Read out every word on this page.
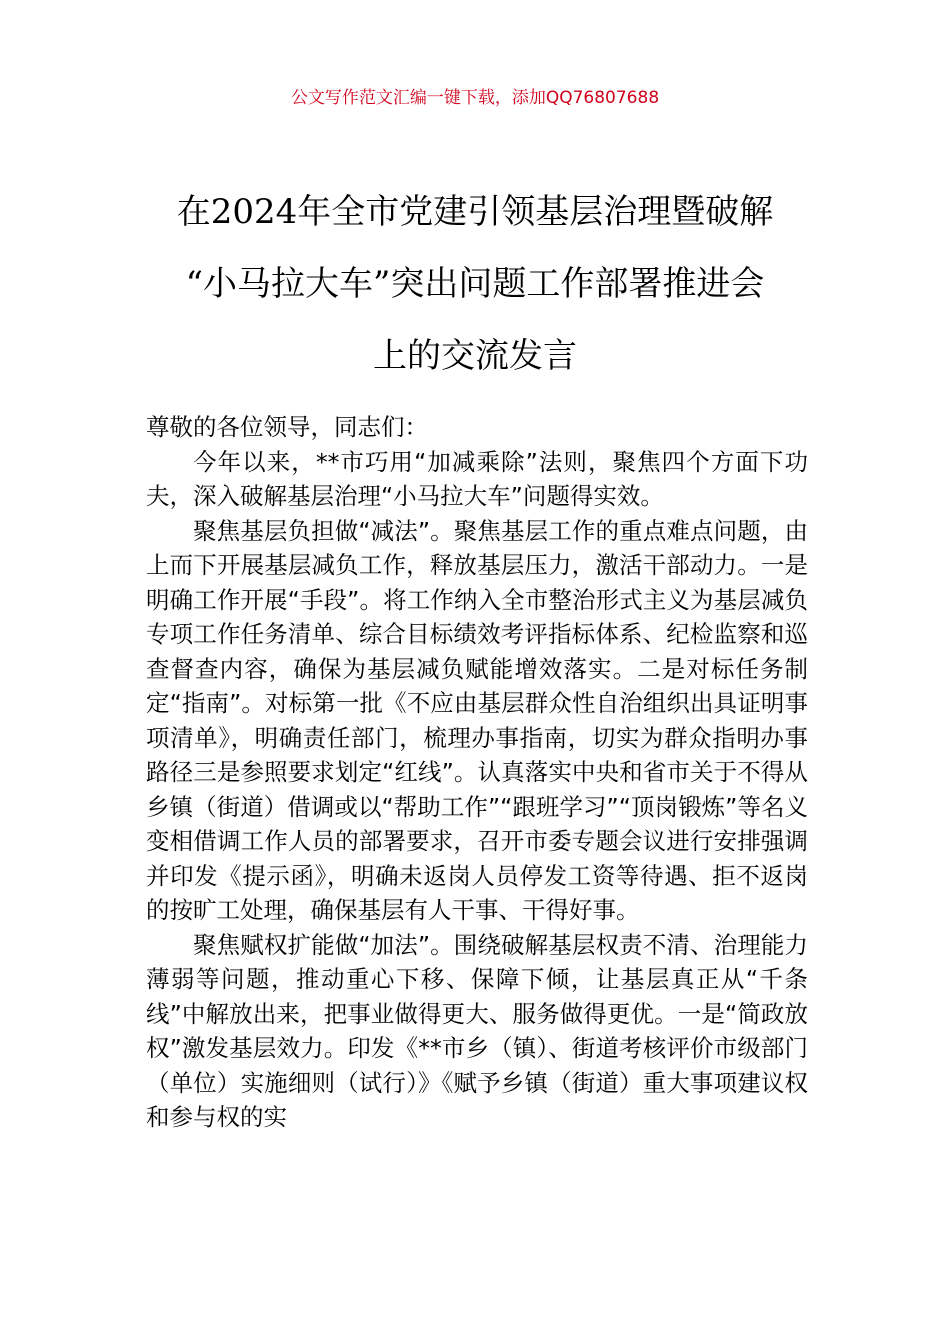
公文写作范文汇编一键下载，添加QQ76807688
在2024年全市党建引领基层治理暨破解
“小马拉大车”突出问题工作部署推进会
上的交流发言

尊敬的各位领导，同志们：

今年以来，**市巧用“加减乘除”法则，聚焦四个方面下功夫，深入破解基层治理“小马拉大车”问题得实效。

聚焦基层负担做“减法”。聚焦基层工作的重点难点问题，由上而下开展基层减负工作，释放基层压力，激活干部动力。一是明确工作开展“手段”。将工作纳入全市整治形式主义为基层减负专项工作任务清单、综合目标绩效考评指标体系、纪检监察和巡查督查内容，确保为基层减负赋能增效落实。二是对标任务制定“指南”。对标第一批《不应由基层群众性自治组织出具证明事项清单》，明确责任部门，梳理办事指南，切实为群众指明办事路径三是参照要求划定“红线”。认真落实中央和省市关于不得从乡镇（街道）借调或以“帮助工作”“跟班学习”“顶岗锻炼”等名义变相借调工作人员的部署要求，召开市委专题会议进行安排强调并印发《提示函》，明确未返岗人员停发工资等待遇、拒不返岗的按旷工处理，确保基层有人干事、干得好事。

聚焦赋权扩能做“加法”。围绕破解基层权责不清、治理能力薄弱等问题，推动重心下移、保障下倾，让基层真正从“千条线”中解放出来，把事业做得更大、服务做得更优。一是“简政放权”激发基层效力。印发《**市乡（镇）、街道考核评价市级部门（单位）实施细则（试行）》《赋予乡镇（街道）重大事项建议权和参与权的实
